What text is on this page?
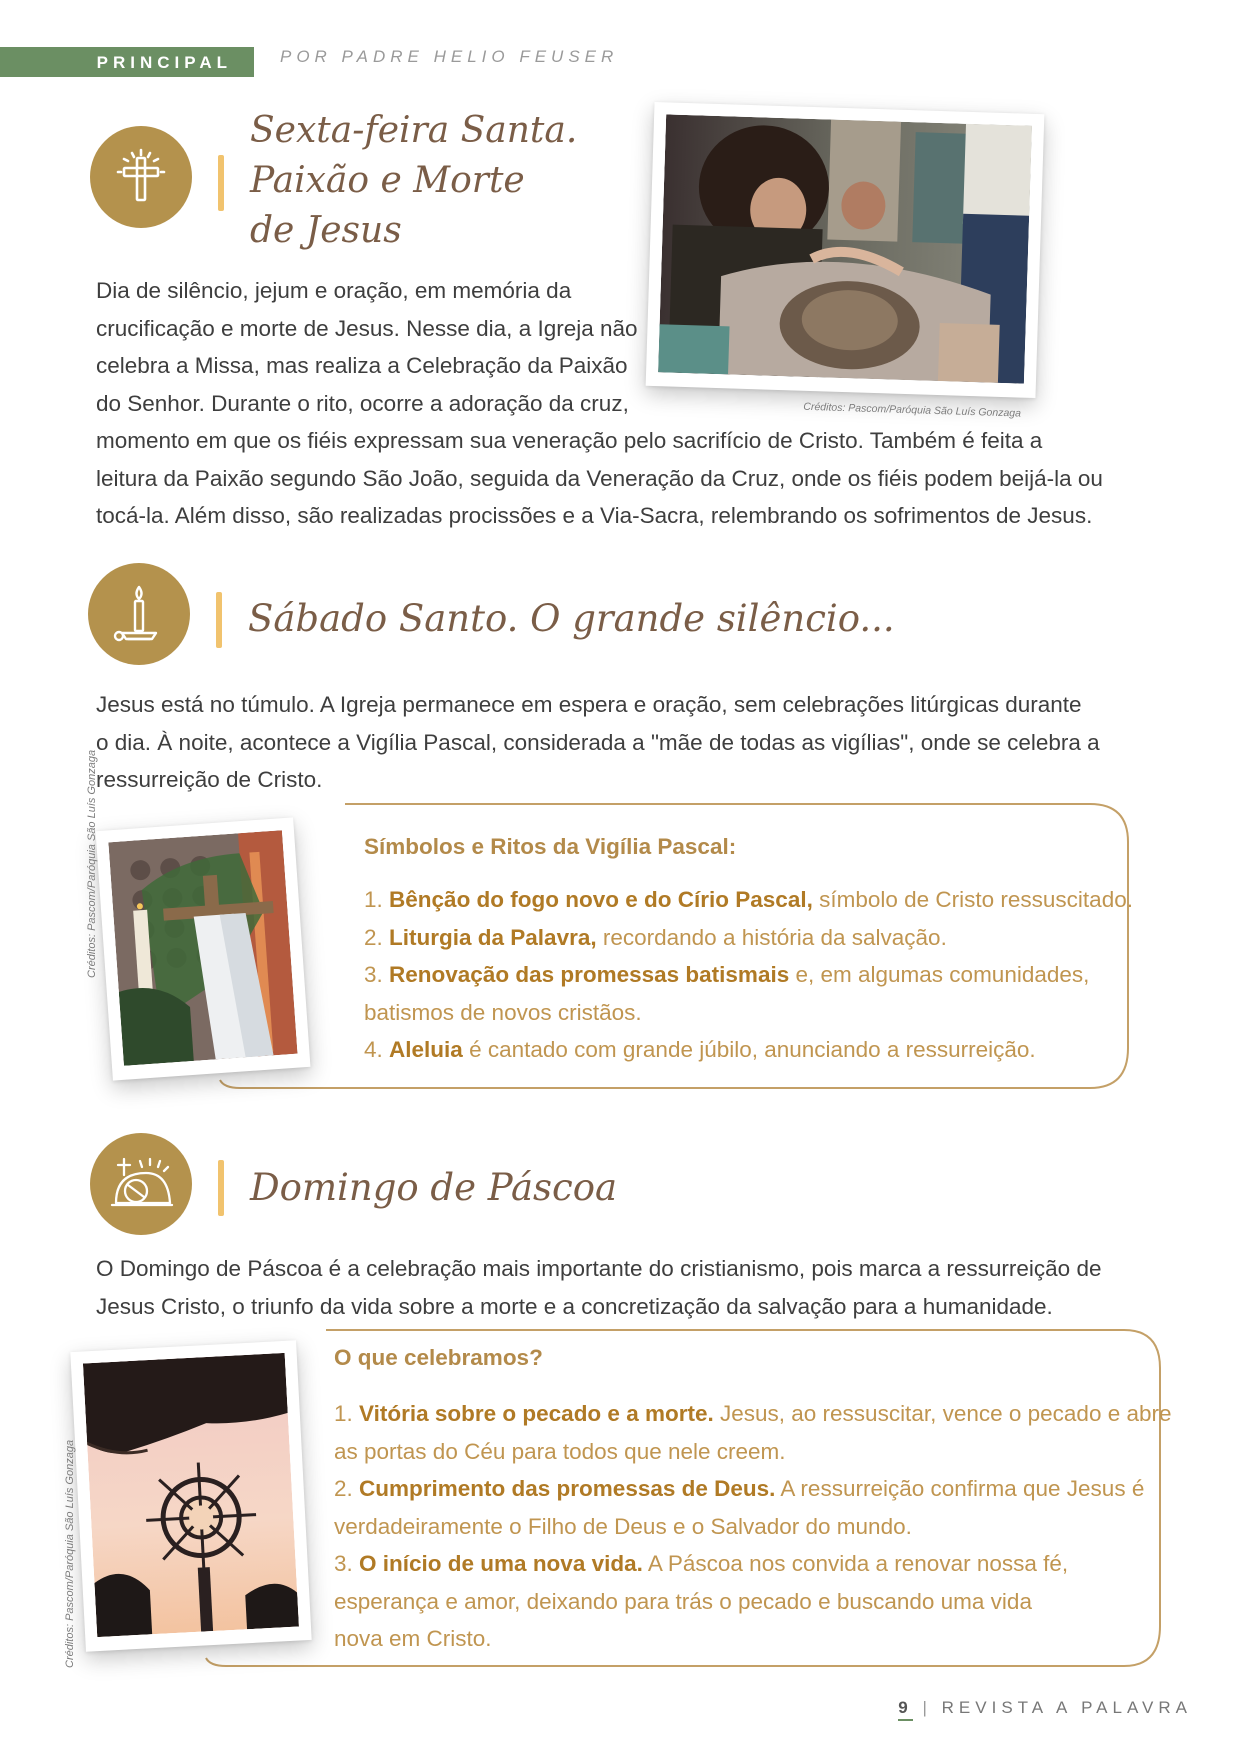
PRINCIPAL	POR PADRE HELIO FEUSER
Sexta-feira Santa.
Paixão e Morte
de Jesus
Créditos: Pascom/Paróquia São Luís Gonzaga
Dia de silêncio, jejum e oração, em memória da
crucificação e morte de Jesus. Nesse dia, a Igreja não
celebra a Missa, mas realiza a Celebração da Paixão
do Senhor. Durante o rito, ocorre a adoração da cruz,
momento em que os fiéis expressam sua veneração pelo sacrifício de Cristo. Também é feita a
leitura da Paixão segundo São João, seguida da Veneração da Cruz, onde os fiéis podem beijá-la ou
tocá-la. Além disso, são realizadas procissões e a Via-Sacra, relembrando os sofrimentos de Jesus.
Sábado Santo. O grande silêncio...
Jesus está no túmulo. A Igreja permanece em espera e oração, sem celebrações litúrgicas durante
o dia. À noite, acontece a Vigília Pascal, considerada a "mãe de todas as vigílias", onde se celebra a
ressurreição de Cristo.
Créditos: Pascom/Paróquia São Luís Gonzaga	Símbolos e Ritos da Vigília Pascal:
1. Bênção do fogo novo e do Círio Pascal, símbolo de Cristo ressuscitado.
2. Liturgia da Palavra, recordando a história da salvação.
3. Renovação das promessas batismais e, em algumas comunidades,
batismos de novos cristãos.
4. Aleluia é cantado com grande júbilo, anunciando a ressurreição.
Domingo de Páscoa
O Domingo de Páscoa é a celebração mais importante do cristianismo, pois marca a ressurreição de
Jesus Cristo, o triunfo da vida sobre a morte e a concretização da salvação para a humanidade.
Créditos: Pascom/Paróquia São Luís Gonzaga
O que celebramos?
1. Vitória sobre o pecado e a morte. Jesus, ao ressuscitar, vence o pecado e abre
as portas do Céu para todos que nele creem.
2. Cumprimento das promessas de Deus. A ressurreição confirma que Jesus é
verdadeiramente o Filho de Deus e o Salvador do mundo.
3. O início de uma nova vida. A Páscoa nos convida a renovar nossa fé,
esperança e amor, deixando para trás o pecado e buscando uma vida
nova em Cristo.
9 | REVISTA A PALAVRA
